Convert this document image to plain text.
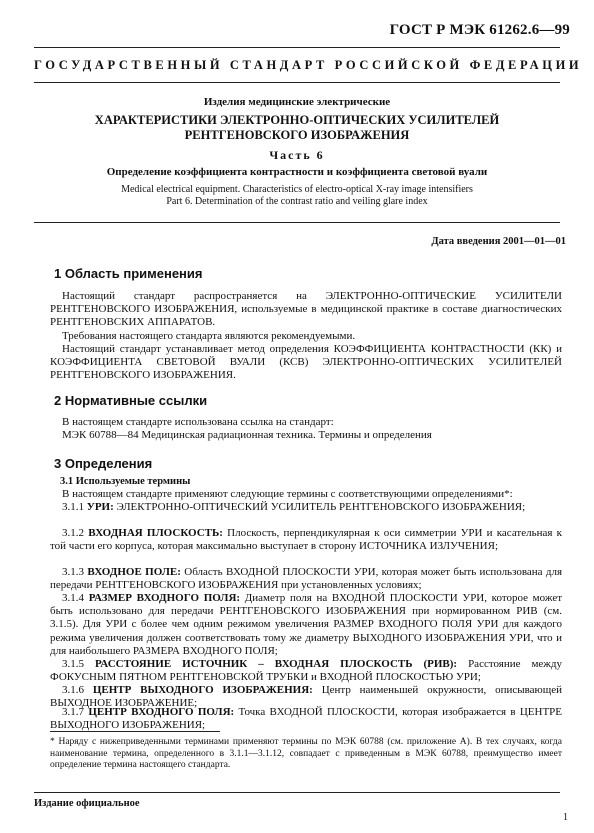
ГОСТ Р МЭК 61262.6—99
ГОСУДАРСТВЕННЫЙ СТАНДАРТ РОССИЙСКОЙ ФЕДЕРАЦИИ
Изделия медицинские электрические
ХАРАКТЕРИСТИКИ ЭЛЕКТРОННО-ОПТИЧЕСКИХ УСИЛИТЕЛЕЙ РЕНТГЕНОВСКОГО ИЗОБРАЖЕНИЯ
Часть 6
Определение коэффициента контрастности и коэффициента световой вуали
Medical electrical equipment. Characteristics of electro-optical X-ray image intensifiers
Part 6. Determination of the contrast ratio and veiling glare index
Дата введения 2001—01—01
1 Область применения

Настоящий стандарт распространяется на ЭЛЕКТРОННО-ОПТИЧЕСКИЕ УСИЛИТЕЛИ РЕНТГЕНОВСКОГО ИЗОБРАЖЕНИЯ, используемые в медицинской практике в составе диагностических РЕНТГЕНОВСКИХ АППАРАТОВ.

Требования настоящего стандарта являются рекомендуемыми.

Настоящий стандарт устанавливает метод определения КОЭФФИЦИЕНТА КОНТРАСТНОСТИ (КК) и КОЭФФИЦИЕНТА СВЕТОВОЙ ВУАЛИ (КСВ) ЭЛЕКТРОННО-ОПТИЧЕСКИХ УСИЛИТЕЛЕЙ РЕНТГЕНОВСКОГО ИЗОБРАЖЕНИЯ.

2 Нормативные ссылки

В настоящем стандарте использована ссылка на стандарт:

МЭК 60788—84 Медицинская радиационная техника. Термины и определения

3 Определения
3.1 Используемые термины

В настоящем стандарте применяют следующие термины с соответствующими определениями*:

3.1.1 УРИ: ЭЛЕКТРОННО-ОПТИЧЕСКИЙ УСИЛИТЕЛЬ РЕНТГЕНОВСКОГО ИЗОБРАЖЕНИЯ;

3.1.2 ВХОДНАЯ ПЛОСКОСТЬ: Плоскость, перпендикулярная к оси симметрии УРИ и касательная к той части его корпуса, которая максимально выступает в сторону ИСТОЧНИКА ИЗЛУЧЕНИЯ;

3.1.3 ВХОДНОЕ ПОЛЕ: Область ВХОДНОЙ ПЛОСКОСТИ УРИ, которая может быть использована для передачи РЕНТГЕНОВСКОГО ИЗОБРАЖЕНИЯ при установленных условиях;

3.1.4 РАЗМЕР ВХОДНОГО ПОЛЯ: Диаметр поля на ВХОДНОЙ ПЛОСКОСТИ УРИ, которое может быть использовано для передачи РЕНТГЕНОВСКОГО ИЗОБРАЖЕНИЯ при нормированном РИВ (см. 3.1.5). Для УРИ с более чем одним режимом увеличения РАЗМЕР ВХОДНОГО ПОЛЯ УРИ для каждого режима увеличения должен соответствовать тому же диаметру ВЫХОДНОГО ИЗОБРАЖЕНИЯ УРИ, что и для наибольшего РАЗМЕРА ВХОДНОГО ПОЛЯ;

3.1.5 РАССТОЯНИЕ ИСТОЧНИК – ВХОДНАЯ ПЛОСКОСТЬ (РИВ): Расстояние между ФОКУСНЫМ ПЯТНОМ РЕНТГЕНОВСКОЙ ТРУБКИ и ВХОДНОЙ ПЛОСКОСТЬЮ УРИ;

3.1.6 ЦЕНТР ВЫХОДНОГО ИЗОБРАЖЕНИЯ: Центр наименьшей окружности, описывающей ВЫХОДНОЕ ИЗОБРАЖЕНИЕ;

3.1.7 ЦЕНТР ВХОДНОГО ПОЛЯ: Точка ВХОДНОЙ ПЛОСКОСТИ, которая изображается в ЦЕНТРЕ ВЫХОДНОГО ИЗОБРАЖЕНИЯ;

* Наряду с нижеприведенными терминами применяют термины по МЭК 60788 (см. приложение А). В тех случаях, когда наименование термина, определенного в 3.1.1—3.1.12, совпадает с приведенным в МЭК 60788, преимущество имеет определение термина настоящего стандарта.
Издание официальное
1
